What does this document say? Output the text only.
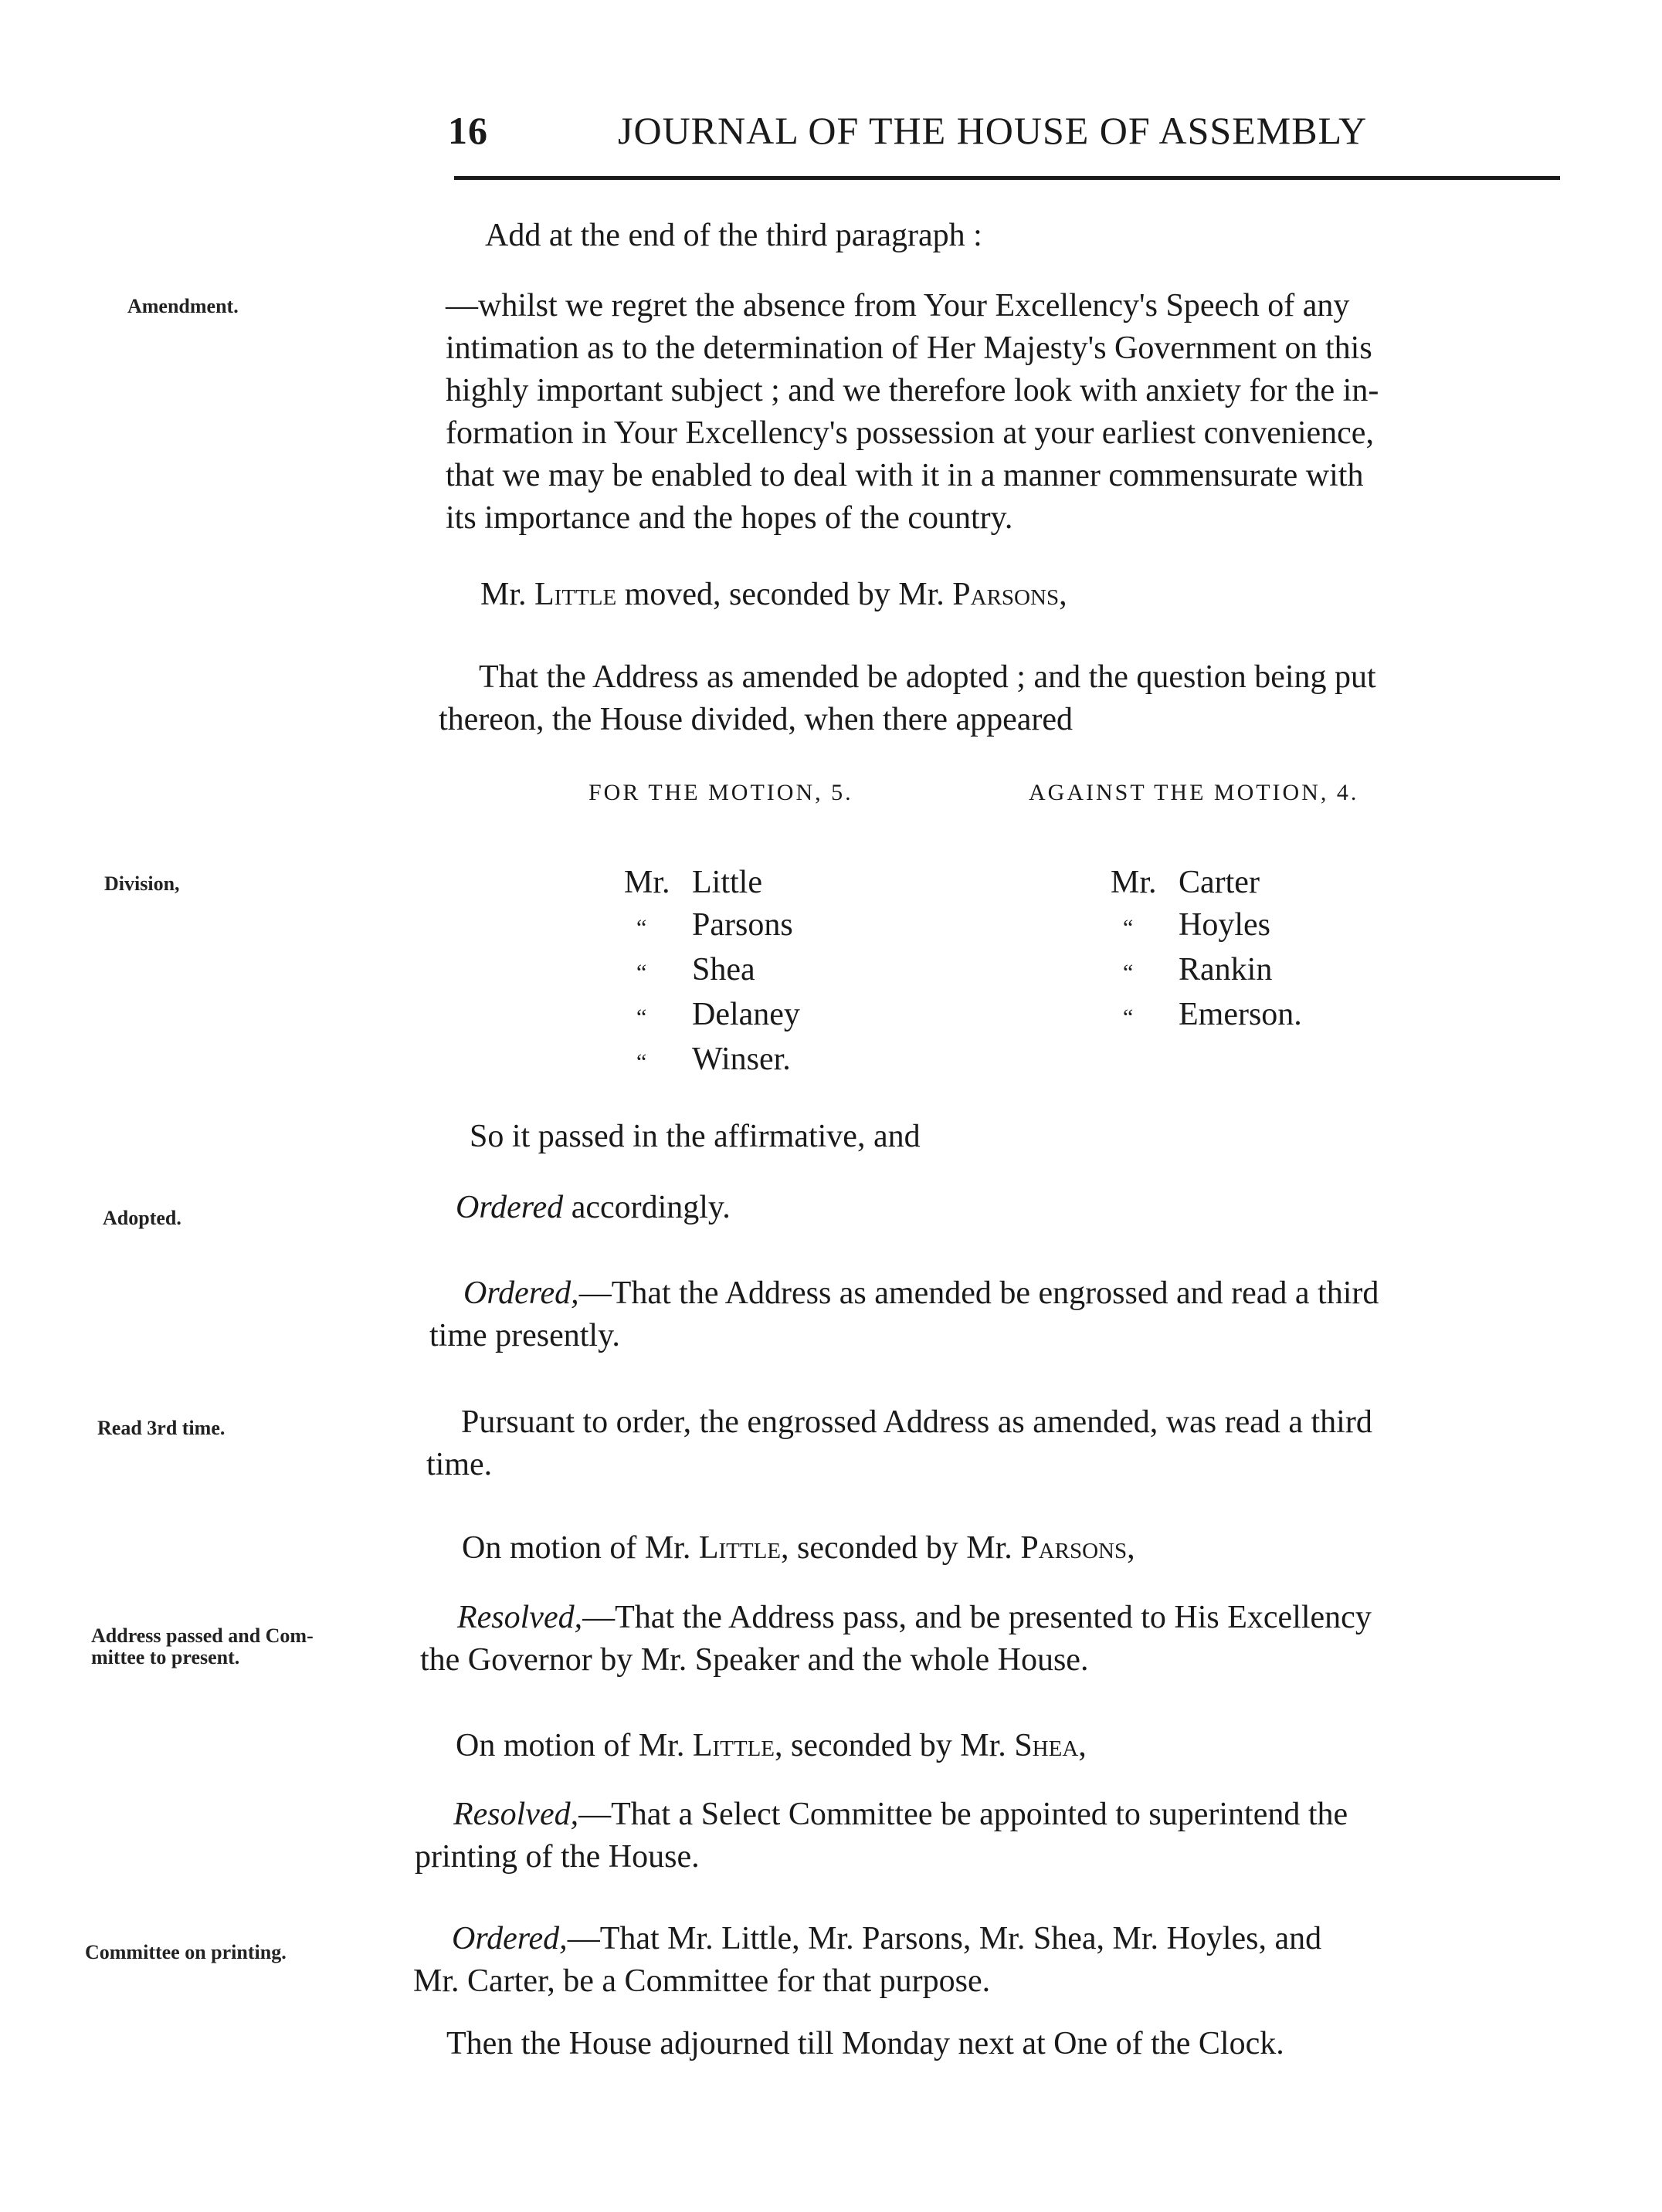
16	JOURNAL OF THE HOUSE OF ASSEMBLY
Amendment.
Division,
Adopted.
Read 3rd time.
Address passed and Com-
mittee to present.
Committee on printing.
Add at the end of the third paragraph :
—whilst we regret the absence from Your Excellency's Speech of any
intimation as to the determination of Her Majesty's Government on this
highly important subject ; and we therefore look with anxiety for the in-
formation in Your Excellency's possession at your earliest convenience,
that we may be enabled to deal with it in a manner commensurate with
its importance and the hopes of the country.
Mr. Little moved, seconded by Mr. Parsons,
That the Address as amended be adopted ; and the question being put
thereon, the House divided, when there appeared
FOR THE MOTION, 5.	AGAINST THE MOTION, 4.
Mr. Little
“ Parsons
“ Shea
“ Delaney
“ Winser.
Mr. Carter
“ Hoyles
“ Rankin
“ Emerson.
So it passed in the affirmative, and
Ordered accordingly.
Ordered,—That the Address as amended be engrossed and read a third
time presently.
Pursuant to order, the engrossed Address as amended, was read a third
time.
On motion of Mr. Little, seconded by Mr. Parsons,
Resolved,—That the Address pass, and be presented to His Excellency
the Governor by Mr. Speaker and the whole House.
On motion of Mr. Little, seconded by Mr. Shea,
Resolved,—That a Select Committee be appointed to superintend the
printing of the House.
Ordered,—That Mr. Little, Mr. Parsons, Mr. Shea, Mr. Hoyles, and
Mr. Carter, be a Committee for that purpose.
Then the House adjourned till Monday next at One of the Clock.
